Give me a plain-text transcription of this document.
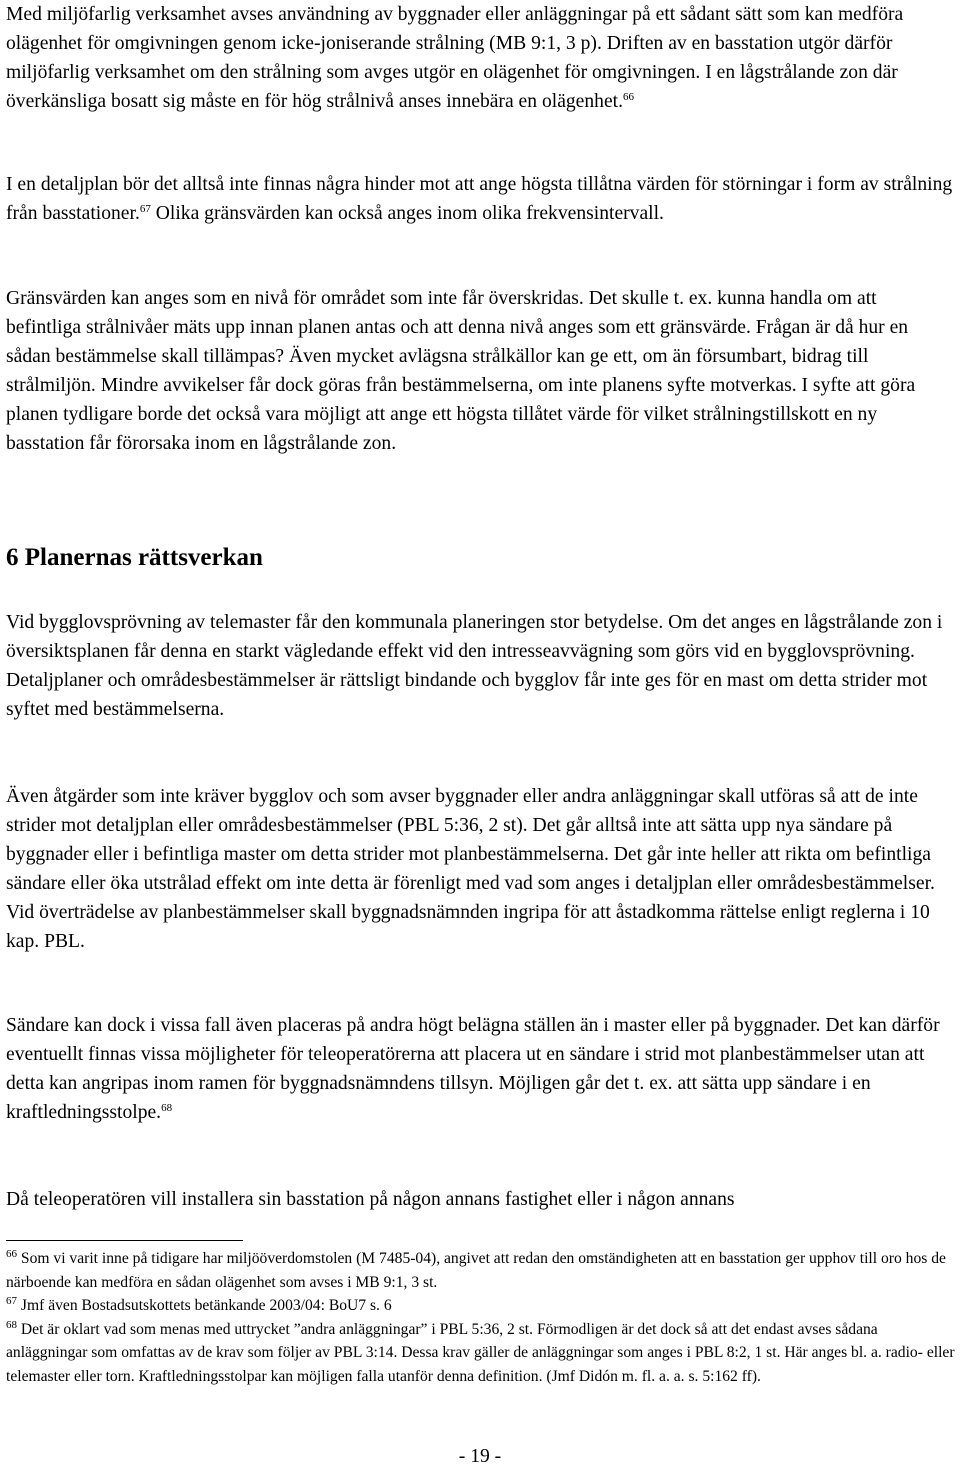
Med miljöfarlig verksamhet avses användning av byggnader eller anläggningar på ett sådant sätt som kan medföra olägenhet för omgivningen genom icke-joniserande strålning (MB 9:1, 3 p). Driften av en basstation utgör därför miljöfarlig verksamhet om den strålning som avges utgör en olägenhet för omgivningen. I en lågstrålande zon där överkänsliga bosatt sig måste en för hög strålnivå anses innebära en olägenhet.$^{66}$

I en detaljplan bör det alltså inte finnas några hinder mot att ange högsta tillåtna värden för störningar i form av strålning från basstationer.$^{67}$ Olika gränsvärden kan också anges inom olika frekvensintervall.

Gränsvärden kan anges som en nivå för området som inte får överskridas. Det skulle t. ex. kunna handla om att befintliga strålnivåer mäts upp innan planen antas och att denna nivå anges som ett gränsvärde. Frågan är då hur en sådan bestämmelse skall tillämpas? Även mycket avlägsna strålkällor kan ge ett, om än försumbart, bidrag till strålmiljön. Mindre avvikelser får dock göras från bestämmelserna, om inte planens syfte motverkas. I syfte att göra planen tydligare borde det också vara möjligt att ange ett högsta tillåtet värde för vilket strålningstillskott en ny basstation får förorsaka inom en lågstrålande zon.

6 Planernas rättsverkan

Vid bygglovsprövning av telemaster får den kommunala planeringen stor betydelse. Om det anges en lågstrålande zon i översiktsplanen får denna en starkt vägledande effekt vid den intresseavvägning som görs vid en bygglovsprövning. Detaljplaner och områdesbestämmelser är rättsligt bindande och bygglov får inte ges för en mast om detta strider mot syftet med bestämmelserna.

Även åtgärder som inte kräver bygglov och som avser byggnader eller andra anläggningar skall utföras så att de inte strider mot detaljplan eller områdesbestämmelser (PBL 5:36, 2 st). Det går alltså inte att sätta upp nya sändare på byggnader eller i befintliga master om detta strider mot planbestämmelserna. Det går inte heller att rikta om befintliga sändare eller öka utstrålad effekt om inte detta är förenligt med vad som anges i detaljplan eller områdesbestämmelser. Vid överträdelse av planbestämmelser skall byggnadsnämnden ingripa för att åstadkomma rättelse enligt reglerna i 10 kap. PBL.

Sändare kan dock i vissa fall även placeras på andra högt belägna ställen än i master eller på byggnader. Det kan därför eventuellt finnas vissa möjligheter för teleoperatörerna att placera ut en sändare i strid mot planbestämmelser utan att detta kan angripas inom ramen för byggnadsnämndens tillsyn. Möjligen går det t. ex. att sätta upp sändare i en kraftledningsstolpe.$^{68}$

Då teleoperatören vill installera sin basstation på någon annans fastighet eller i någon annans

$^{66}$ Som vi varit inne på tidigare har miljööverdomstolen (M 7485-04), angivet att redan den omständigheten att en basstation ger upphov till oro hos de närboende kan medföra en sådan olägenhet som avses i MB 9:1, 3 st.

$^{67}$ Jmf även Bostadsutskottets betänkande 2003/04: BoU7 s. 6

$^{68}$ Det är oklart vad som menas med uttrycket ”andra anläggningar” i PBL 5:36, 2 st. Förmodligen är det dock så att det endast avses sådana anläggningar som omfattas av de krav som följer av PBL 3:14. Dessa krav gäller de anläggningar som anges i PBL 8:2, 1 st. Här anges bl. a. radio- eller telemaster eller torn. Kraftledningsstolpar kan möjligen falla utanför denna definition. (Jmf Didón m. fl. a. a. s. 5:162 ff).

- 19 -
